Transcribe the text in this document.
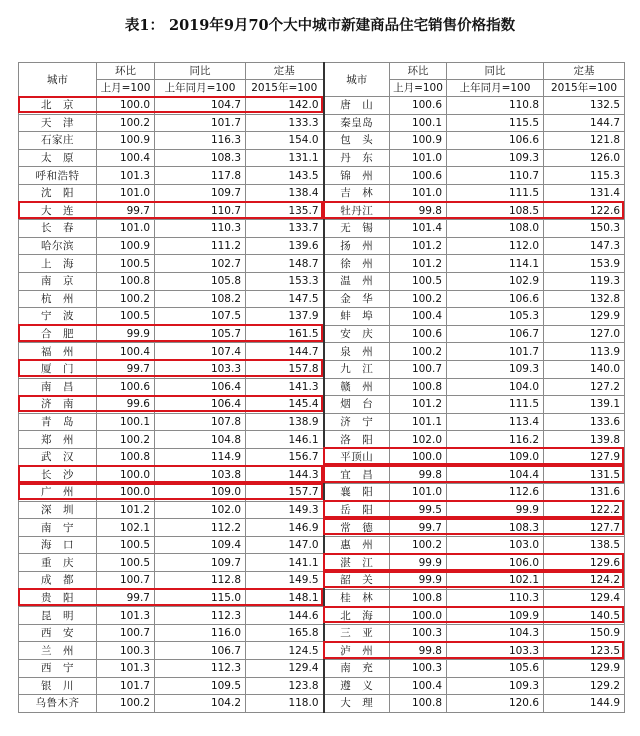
表1： 2019年9月70个大中城市新建商品住宅销售价格指数
城市	环比	同比	定基	城市	环比	同比	定基
	上月=100	上年同月=100	2015年=100		上月=100	上年同月=100	2015年=100
北　京	100.0	104.7	142.0	唐　山	100.6	110.8	132.5
天　津	100.2	101.7	133.3	秦皇岛	100.1	115.5	144.7
石家庄	100.9	116.3	154.0	包　头	100.9	106.6	121.8
太　原	100.4	108.3	131.1	丹　东	101.0	109.3	126.0
呼和浩特	101.3	117.8	143.5	锦　州	100.6	110.7	115.3
沈　阳	101.0	109.7	138.4	吉　林	101.0	111.5	131.4
大　连	99.7	110.7	135.7	牡丹江	99.8	108.5	122.6
长　春	101.0	110.3	133.7	无　锡	101.4	108.0	150.3
哈尔滨	100.9	111.2	139.6	扬　州	101.2	112.0	147.3
上　海	100.5	102.7	148.7	徐　州	101.2	114.1	153.9
南　京	100.8	105.8	153.3	温　州	100.5	102.9	119.3
杭　州	100.2	108.2	147.5	金　华	100.2	106.6	132.8
宁　波	100.5	107.5	137.9	蚌　埠	100.4	105.3	129.9
合　肥	99.9	105.7	161.5	安　庆	100.6	106.7	127.0
福　州	100.4	107.4	144.7	泉　州	100.2	101.7	113.9
厦　门	99.7	103.3	157.8	九　江	100.7	109.3	140.0
南　昌	100.6	106.4	141.3	赣　州	100.8	104.0	127.2
济　南	99.6	106.4	145.4	烟　台	101.2	111.5	139.1
青　岛	100.1	107.8	138.9	济　宁	101.1	113.4	133.6
郑　州	100.2	104.8	146.1	洛　阳	102.0	116.2	139.8
武　汉	100.8	114.9	156.7	平顶山	100.0	109.0	127.9
长　沙	100.0	103.8	144.3	宜　昌	99.8	104.4	131.5
广　州	100.0	109.0	157.7	襄　阳	101.0	112.6	131.6
深　圳	101.2	102.0	149.3	岳　阳	99.5	99.9	122.2
南　宁	102.1	112.2	146.9	常　德	99.7	108.3	127.7
海　口	100.5	109.4	147.0	惠　州	100.2	103.0	138.5
重　庆	100.5	109.7	141.1	湛　江	99.9	106.0	129.6
成　都	100.7	112.8	149.5	韶　关	99.9	102.1	124.2
贵　阳	99.7	115.0	148.1	桂　林	100.8	110.3	129.4
昆　明	101.3	112.3	144.6	北　海	100.0	109.9	140.5
西　安	100.7	116.0	165.8	三　亚	100.3	104.3	150.9
兰　州	100.3	106.7	124.5	泸　州	99.8	103.3	123.5
西　宁	101.3	112.3	129.4	南　充	100.3	105.6	129.9
银　川	101.7	109.5	123.8	遵　义	100.4	109.3	129.2
乌鲁木齐	100.2	104.2	118.0	大　理	100.8	120.6	144.9
